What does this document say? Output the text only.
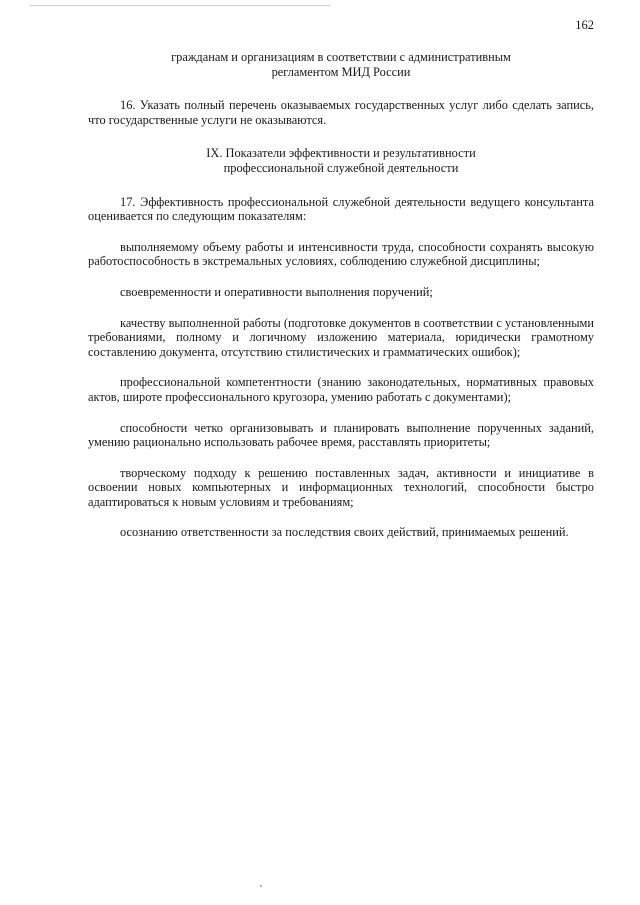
162
гражданам и организациям в соответствии с административным
регламентом МИД России

16. Указать полный перечень оказываемых государственных услуг либо сделать запись, что государственные услуги не оказываются.

IX. Показатели эффективности и результативности
профессиональной служебной деятельности

17. Эффективность профессиональной служебной деятельности ведущего консультанта оценивается по следующим показателям:

выполняемому объему работы и интенсивности труда, способности сохранять высокую работоспособность в экстремальных условиях, соблюдению служебной дисциплины;

своевременности и оперативности выполнения поручений;

качеству выполненной работы (подготовке документов в соответствии с установленными требованиями, полному и логичному изложению материала, юридически грамотному составлению документа, отсутствию стилистических и грамматических ошибок);

профессиональной компетентности (знанию законодательных, нормативных правовых актов, широте профессионального кругозора, умению работать с документами);

способности четко организовывать и планировать выполнение порученных заданий, умению рационально использовать рабочее время, расставлять приоритеты;

творческому подходу к решению поставленных задач, активности и инициативе в освоении новых компьютерных и информационных технологий, способности быстро адаптироваться к новым условиям и требованиям;

осознанию ответственности за последствия своих действий, принимаемых решений.
